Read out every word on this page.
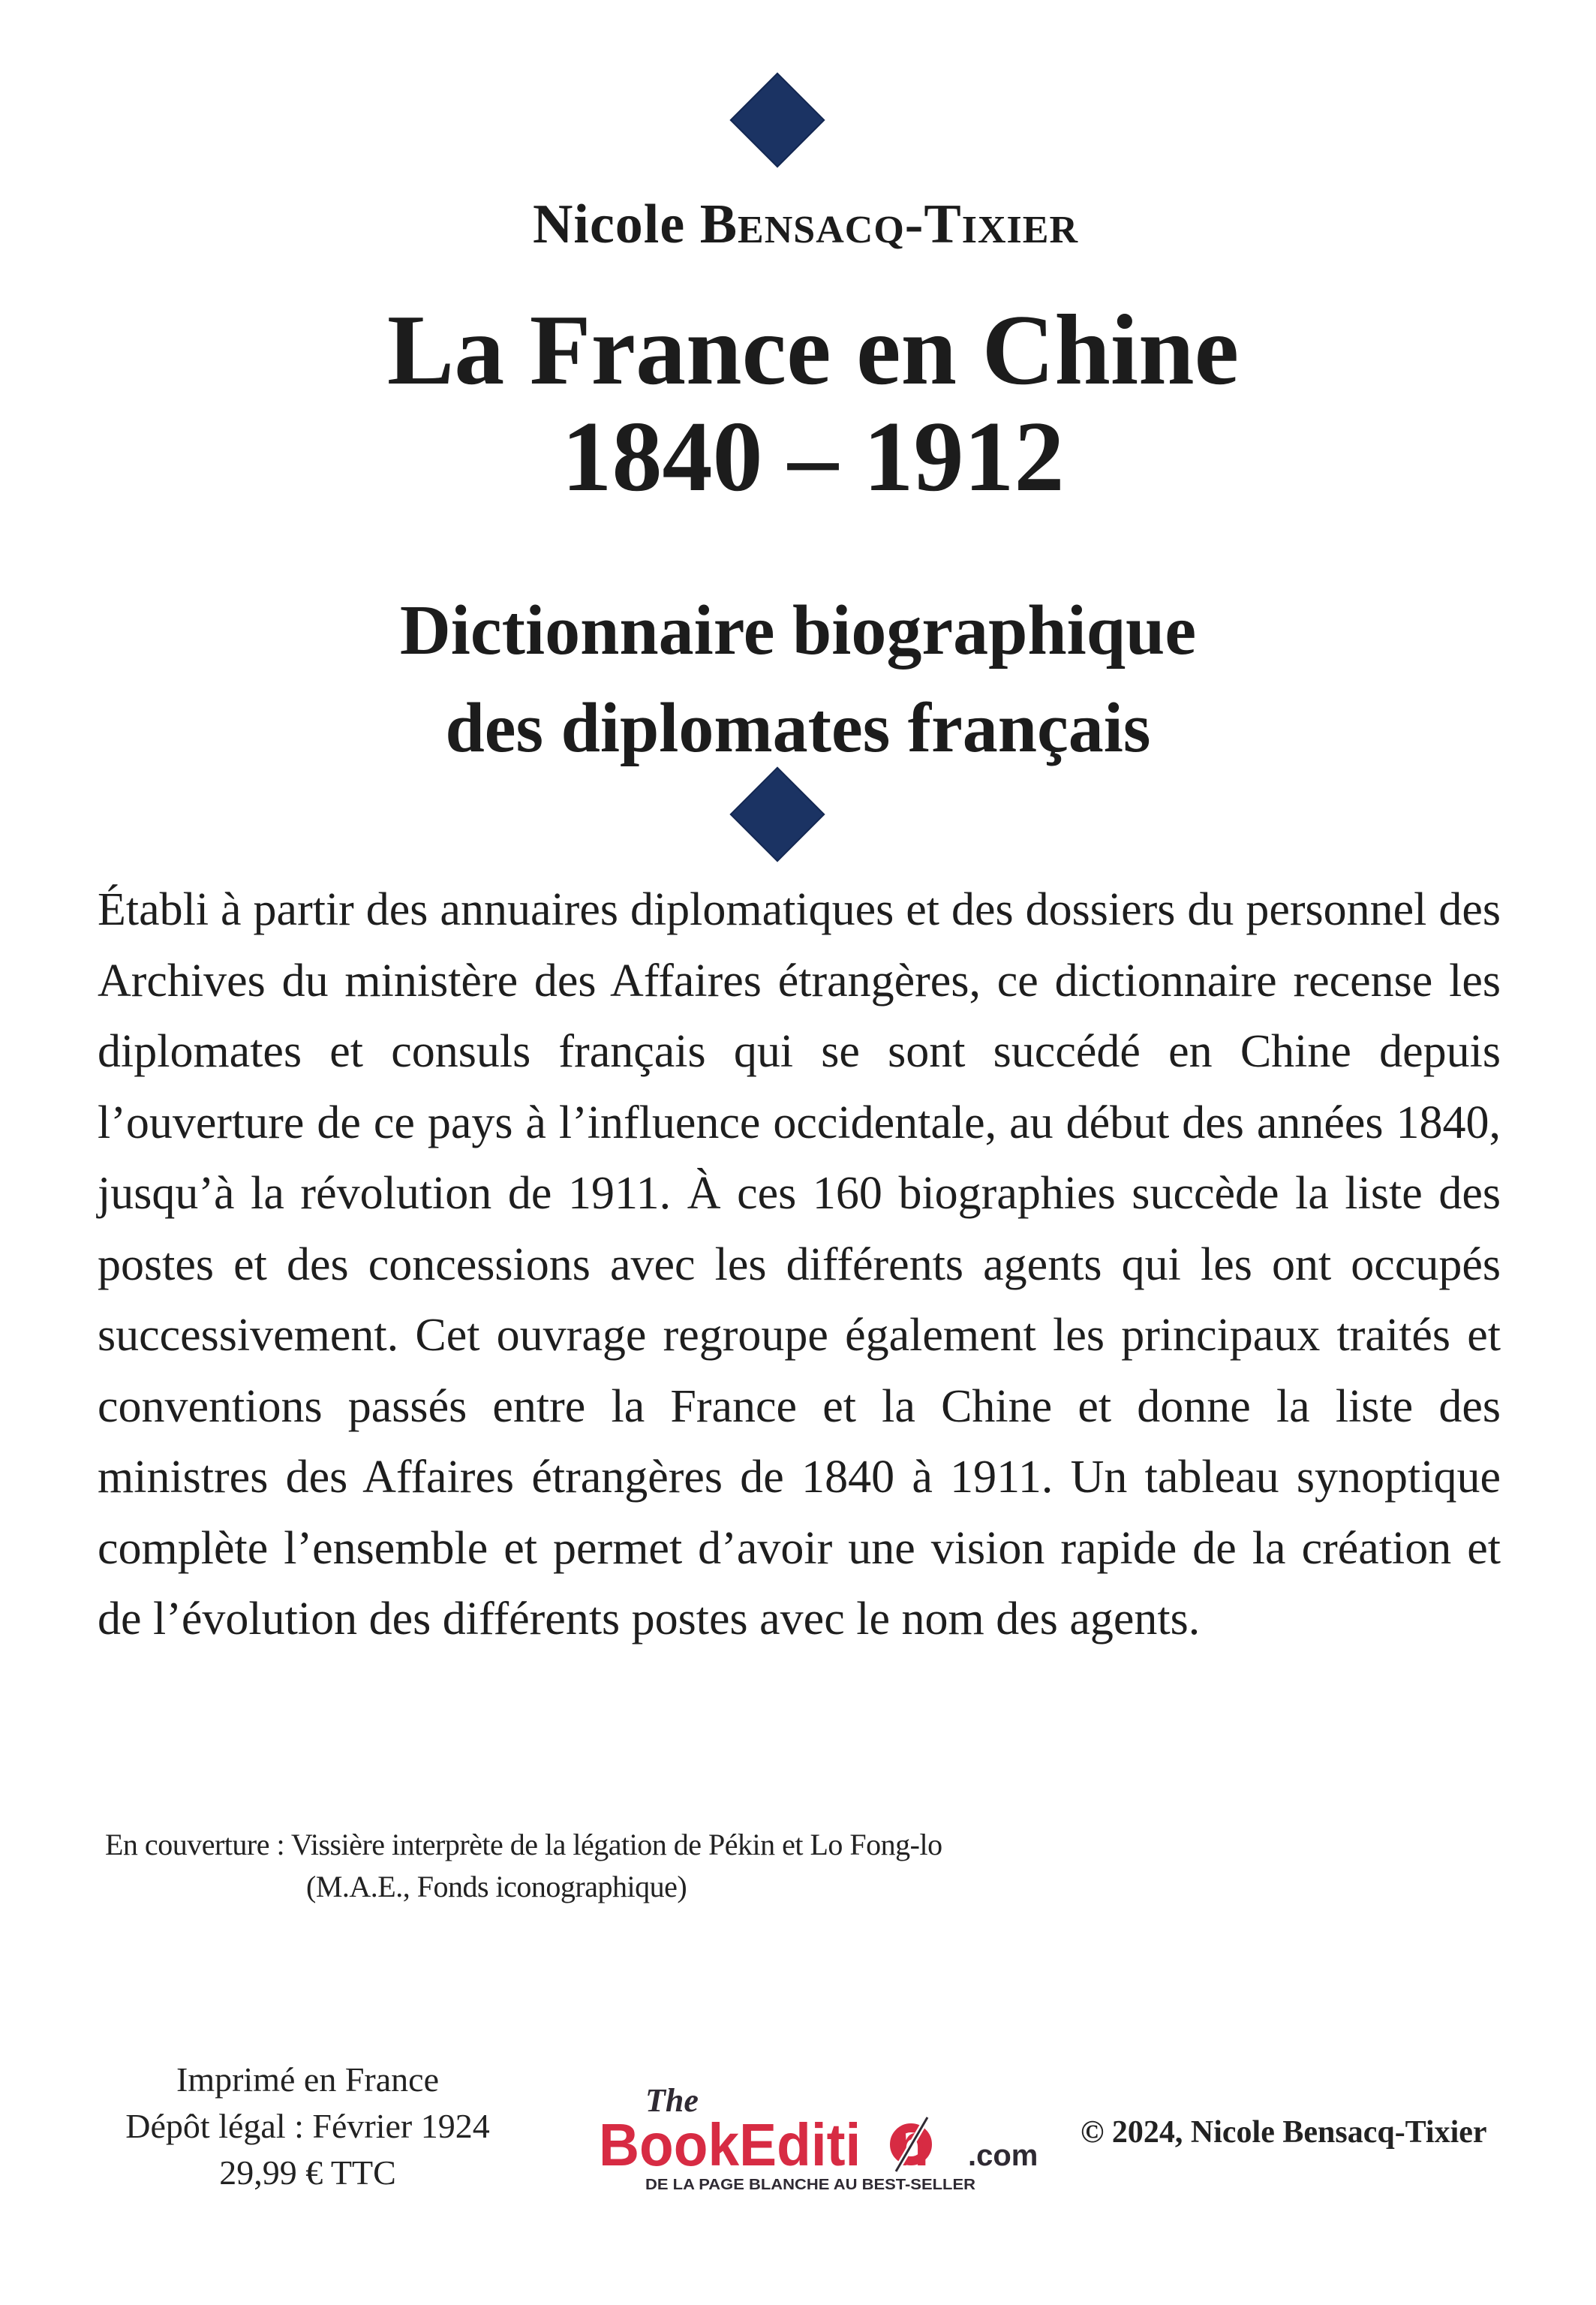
Nicole Bensacq-Tixier
La France en Chine
1840 – 1912
Dictionnaire biographique
des diplomates français

Établi à partir des annuaires diplomatiques et des dossiers du personnel des Archives du ministère des Affaires étrangères, ce dictionnaire recense les diplomates et consuls français qui se sont succédé en Chine depuis l’ouverture de ce pays à l’influence occidentale, au début des années 1840, jusqu’à la révolution de 1911. À ces 160 biographies succède la liste des postes et des concessions avec les différents agents qui les ont occupés successivement. Cet ouvrage regroupe également les principaux traités et conventions passés entre la France et la Chine et donne la liste des ministres des Affaires étrangères de 1840 à 1911. Un tableau synoptique complète l’ensemble et permet d’avoir une vision rapide de la création et de l’évolution des différents postes avec le nom des agents.

En couverture : Vissière interprète de la légation de Pékin et Lo Fong-lo
(M.A.E., Fonds iconographique)
Imprimé en France
Dépôt légal : Février 1924
29,99 € TTC
The
BookEditi	.com
DE LA PAGE BLANCHE AU BEST-SELLER
© 2024, Nicole Bensacq-Tixier
